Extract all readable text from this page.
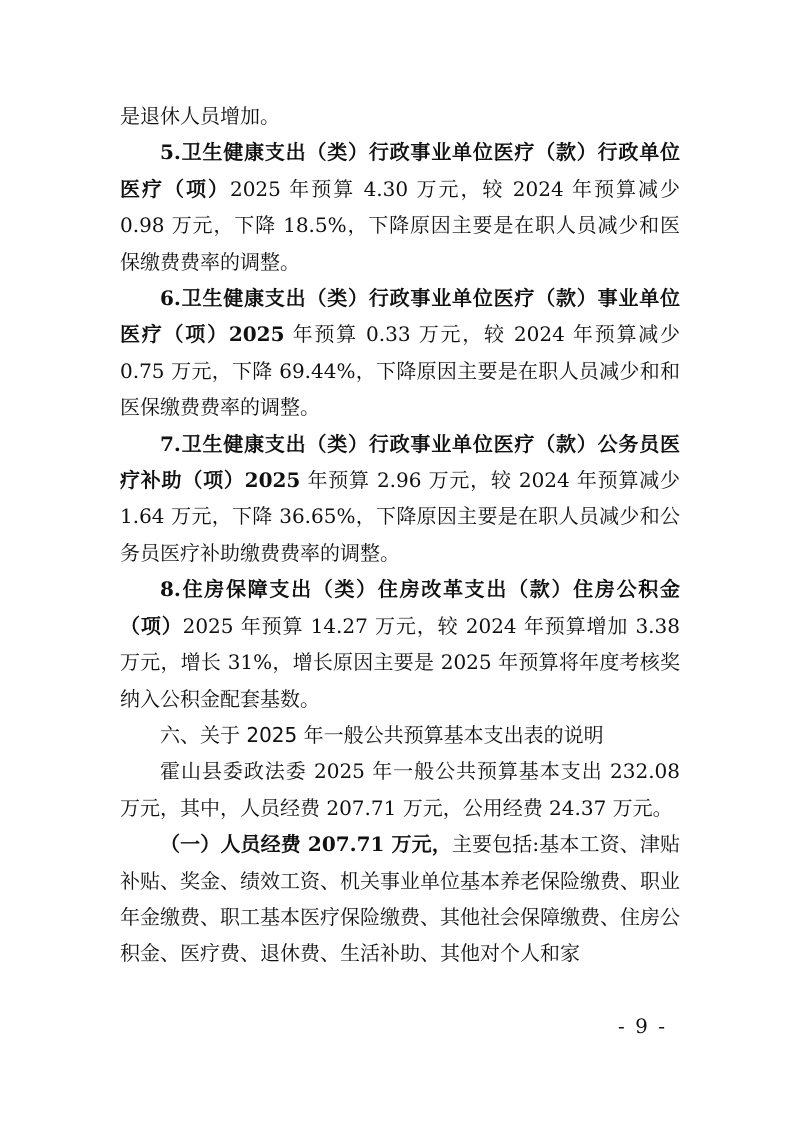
是退休人员增加。

5.卫生健康支出（类）行政事业单位医疗（款）行政单位医疗（项）2025 年预算 4.30 万元，较 2024 年预算减少 0.98 万元，下降 18.5%，下降原因主要是在职人员减少和医保缴费费率的调整。

6.卫生健康支出（类）行政事业单位医疗（款）事业单位医疗（项）2025 年预算 0.33 万元，较 2024 年预算减少 0.75 万元，下降 69.44%，下降原因主要是在职人员减少和和医保缴费费率的调整。

7.卫生健康支出（类）行政事业单位医疗（款）公务员医疗补助（项）2025 年预算 2.96 万元，较 2024 年预算减少 1.64 万元，下降 36.65%，下降原因主要是在职人员减少和公务员医疗补助缴费费率的调整。

8.住房保障支出（类）住房改革支出（款）住房公积金（项）2025 年预算 14.27 万元，较 2024 年预算增加 3.38 万元，增长 31%，增长原因主要是 2025 年预算将年度考核奖纳入公积金配套基数。

六、关于 2025 年一般公共预算基本支出表的说明

霍山县委政法委 2025 年一般公共预算基本支出 232.08 万元，其中，人员经费 207.71 万元，公用经费 24.37 万元。

（一）人员经费 207.71 万元，主要包括:基本工资、津贴补贴、奖金、绩效工资、机关事业单位基本养老保险缴费、职业年金缴费、职工基本医疗保险缴费、其他社会保障缴费、住房公积金、医疗费、退休费、生活补助、其他对个人和家

- 9 -
